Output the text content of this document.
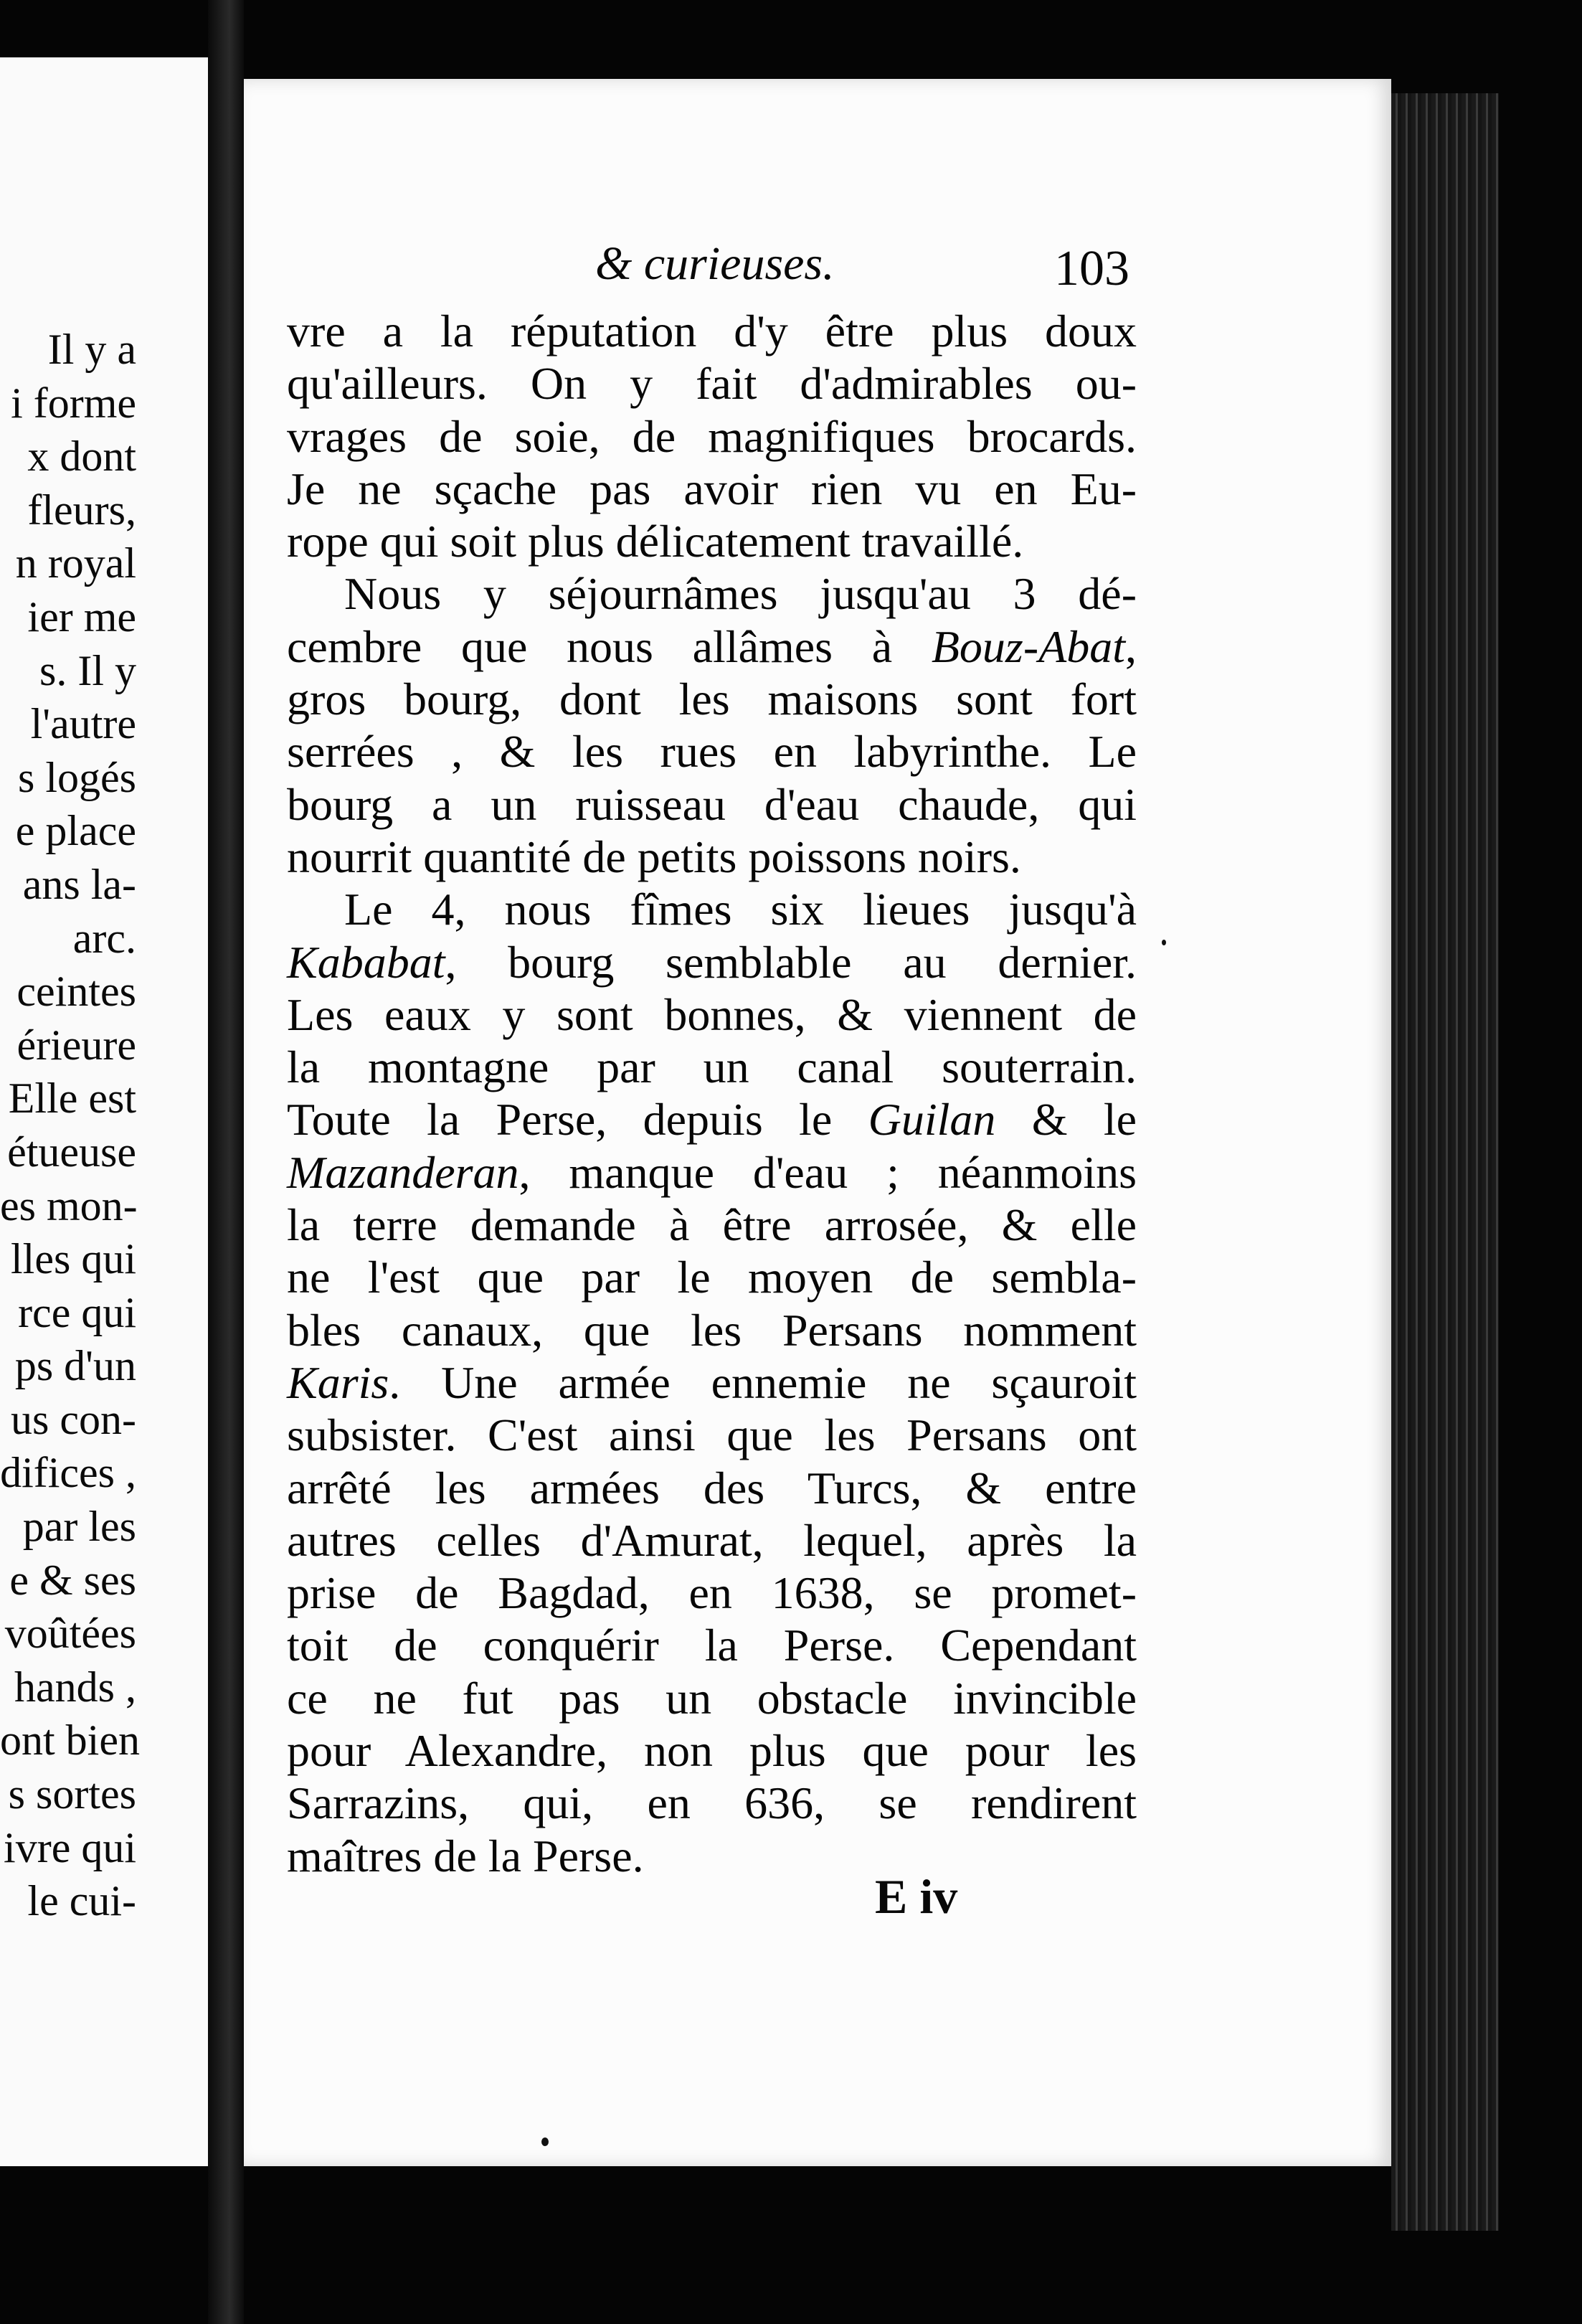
Il y a
i forme
x dont
fleurs,
n royal
ier me
s. Il y
l'autre
s logés
e place
ans la-
arc.
ceintes
érieure
Elle est
étueuse
es mon-
lles qui
rce qui
ps d'un
us con-
difices ,
par les
e & ses
voûtées
hands ,
ont bien
s sortes
ivre qui
le cui-
& curieuses.	103
vre a la réputation d'y être plus doux
qu'ailleurs. On y fait d'admirables ou-
vrages de soie, de magnifiques brocards.
Je ne sçache pas avoir rien vu en Eu-
rope qui soit plus délicatement travaillé.
Nous y séjournâmes jusqu'au 3 dé-
cembre que nous allâmes à Bouz-Abat,
gros bourg, dont les maisons sont fort
serrées , & les rues en labyrinthe. Le
bourg a un ruisseau d'eau chaude, qui
nourrit quantité de petits poissons noirs.
Le 4, nous fîmes six lieues jusqu'à
Kababat, bourg semblable au dernier.
Les eaux y sont bonnes, & viennent de
la montagne par un canal souterrain.
Toute la Perse, depuis le Guilan & le
Mazanderan, manque d'eau ; néanmoins
la terre demande à être arrosée, & elle
ne l'est que par le moyen de sembla-
bles canaux, que les Persans nomment
Karis. Une armée ennemie ne sçauroit
subsister. C'est ainsi que les Persans ont
arrêté les armées des Turcs, & entre
autres celles d'Amurat, lequel, après la
prise de Bagdad, en 1638, se promet-
toit de conquérir la Perse. Cependant
ce ne fut pas un obstacle invincible
pour Alexandre, non plus que pour les
Sarrazins, qui, en 636, se rendirent
maîtres de la Perse.
E iv
